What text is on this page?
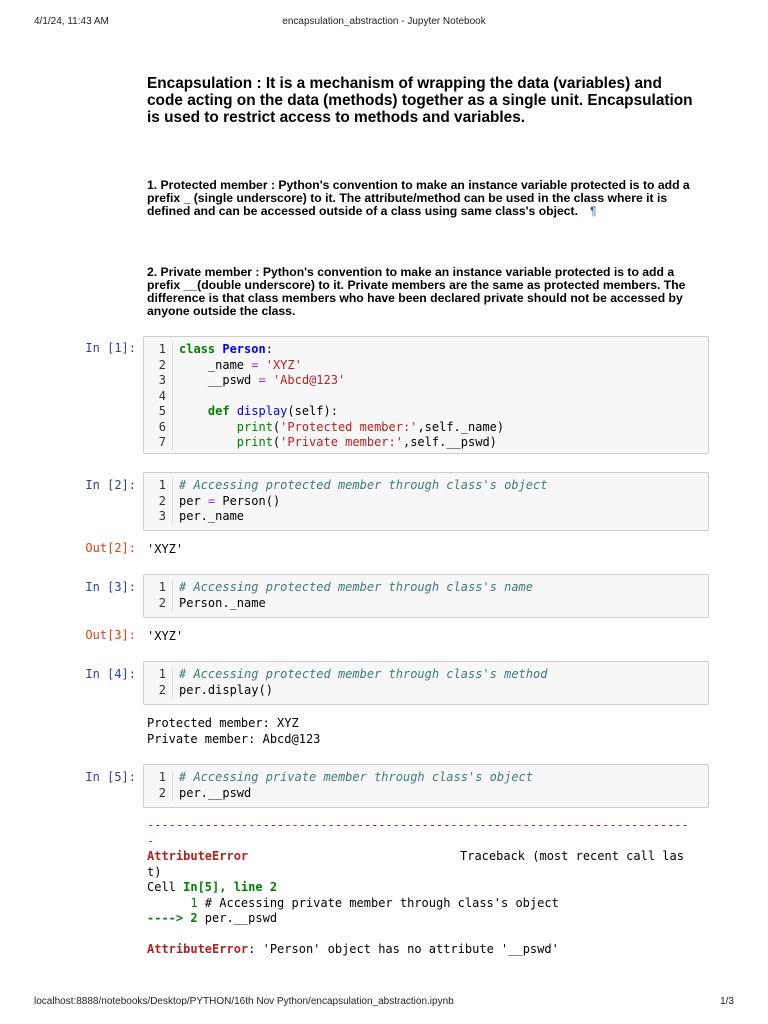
4/1/24, 11:43 AM	encapsulation_abstraction - Jupyter Notebook
localhost:8888/notebooks/Desktop/PYTHON/16th Nov Python/encapsulation_abstraction.ipynb	1/3
Encapsulation : It is a mechanism of wrapping the data (variables) and code acting on the data (methods) together as a single unit. Encapsulation is used to restrict access to methods and variables.
1. Protected member : Python's convention to make an instance variable protected is to add a prefix _ (single underscore) to it. The attribute/method can be used in the class where it is defined and can be accessed outside of a class using same class's object. ¶
2. Private member : Python's convention to make an instance variable protected is to add a prefix __(double underscore) to it. Private members are the same as protected members. The difference is that class members who have been declared private should not be accessed by anyone outside the class.
In [1]:	1	class Person:
2	_name = 'XYZ'
3	__pswd = 'Abcd@123'
4
5	def display(self):
6	print('Protected member:',self._name)
7	print('Private member:',self.__pswd)
In [2]:	1	# Accessing protected member through class's object
2	per = Person()
3	per._name
Out[2]: 'XYZ'
In [3]:	1	# Accessing protected member through class's name
2	Person._name
Out[3]: 'XYZ'
In [4]:	1	# Accessing protected member through class's method
2	per.display()
Protected member: XYZ
Private member: Abcd@123
In [5]:	1	# Accessing private member through class's object
2	per.__pswd
---------------------------------------------------------------------------
-
AttributeError	Traceback (most recent call las
t)
Cell In[5], line 2
1 # Accessing private member through class's object
----> 2 per.__pswd

AttributeError: 'Person' object has no attribute '__pswd'
